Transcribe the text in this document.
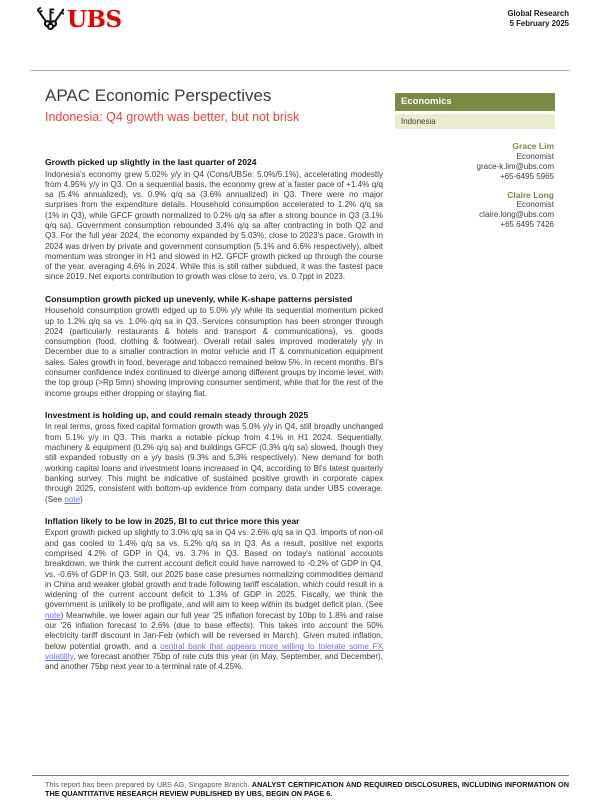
UBS	Global Research
5 February 2025
APAC Economic Perspectives
Indonesia: Q4 growth was better, but not brisk
Economics
Indonesia
Grace Lim
Economist
grace-k.lim@ubs.com
+65-6495 5965
Claire Long
Economist
claire.long@ubs.com
+65 6495 7426
Growth picked up slightly in the last quarter of 2024

Indonesia's economy grew 5.02% y/y in Q4 (Cons/UBSe: 5.0%/5.1%), accelerating modestly from 4.95% y/y in Q3. On a sequential basis, the economy grew at a faster pace of +1.4% q/q sa (5.4% annualized), vs. 0.9% q/q sa (3.6% annualized) in Q3. There were no major surprises from the expenditure details. Household consumption accelerated to 1.2% q/q sa (1% in Q3), while GFCF growth normalized to 0.2% q/q sa after a strong bounce in Q3 (3.1% q/q sa). Government consumption rebounded 3.4% q/q sa after contracting in both Q2 and Q3. For the full year 2024, the economy expanded by 5.03%, close to 2023's pace. Growth in 2024 was driven by private and government consumption (5.1% and 6.6% respectively), albeit momentum was stronger in H1 and slowed in H2. GFCF growth picked up through the course of the year, averaging 4.6% in 2024. While this is still rather subdued, it was the fastest pace since 2019. Net exports contribution to growth was close to zero, vs. 0.7ppt in 2023.

Consumption growth picked up unevenly, while K-shape patterns persisted

Household consumption growth edged up to 5.0% y/y while its sequential momentum picked up to 1.2% q/q sa vs. 1.0% q/q sa in Q3. Services consumption has been stronger through 2024 (particularly restaurants & hotels and transport & communications), vs. goods consumption (food, clothing & footwear). Overall retail sales improved moderately y/y in December due to a smaller contraction in motor vehicle and IT & communication equipment sales. Sales growth in food, beverage and tobacco remained below 5%. In recent months, BI's consumer confidence index continued to diverge among different groups by income level, with the top group (>Rp 5mn) showing improving consumer sentiment, while that for the rest of the income groups either dropping or staying flat.

Investment is holding up, and could remain steady through 2025

In real terms, gross fixed capital formation growth was 5.0% y/y in Q4, still broadly unchanged from 5.1% y/y in Q3. This marks a notable pickup from 4.1% in H1 2024. Sequentially, machinery & equipment (0.2% q/q sa) and buildings GFCF (0.3% q/q sa) slowed, though they still expanded robustly on a y/y basis (9.3% and 5.3% respectively). New demand for both working capital loans and investment loans increased in Q4, according to BI's latest quarterly banking survey. This might be indicative of sustained positive growth in corporate capex through 2025, consistent with bottom-up evidence from company data under UBS coverage. (See note)

Inflation likely to be low in 2025, BI to cut thrice more this year

Export growth picked up slightly to 3.0% q/q sa in Q4 vs. 2.6% q/q sa in Q3. Imports of non-oil and gas cooled to 1.4% q/q sa vs. 5.2% q/q sa in Q3. As a result, positive net exports comprised 4.2% of GDP in Q4, vs. 3.7% in Q3. Based on today's national accounts breakdown, we think the current account deficit could have narrowed to -0.2% of GDP in Q4, vs. -0.6% of GDP in Q3. Still, our 2025 base case presumes normalizing commodities demand in China and weaker global growth and trade following tariff escalation, which could result in a widening of the current account deficit to 1.3% of GDP in 2025. Fiscally, we think the government is unlikely to be profligate, and will aim to keep within its budget deficit plan. (See note) Meanwhile, we lower again our full year '25 inflation forecast by 10bp to 1.8% and raise our '26 inflation forecast to 2.6% (due to base effects). This takes into account the 50% electricity tariff discount in Jan-Feb (which will be reversed in March). Given muted inflation, below potential growth, and a central bank that appears more willing to tolerate some FX volatility, we forecast another 75bp of rate cuts this year (in May, September, and December), and another 75bp next year to a terminal rate of 4.25%.

This report has been prepared by UBS AG, Singapore Branch. ANALYST CERTIFICATION AND REQUIRED DISCLOSURES, INCLUDING INFORMATION ON THE QUANTITATIVE RESEARCH REVIEW PUBLISHED BY UBS, BEGIN ON PAGE 6.
